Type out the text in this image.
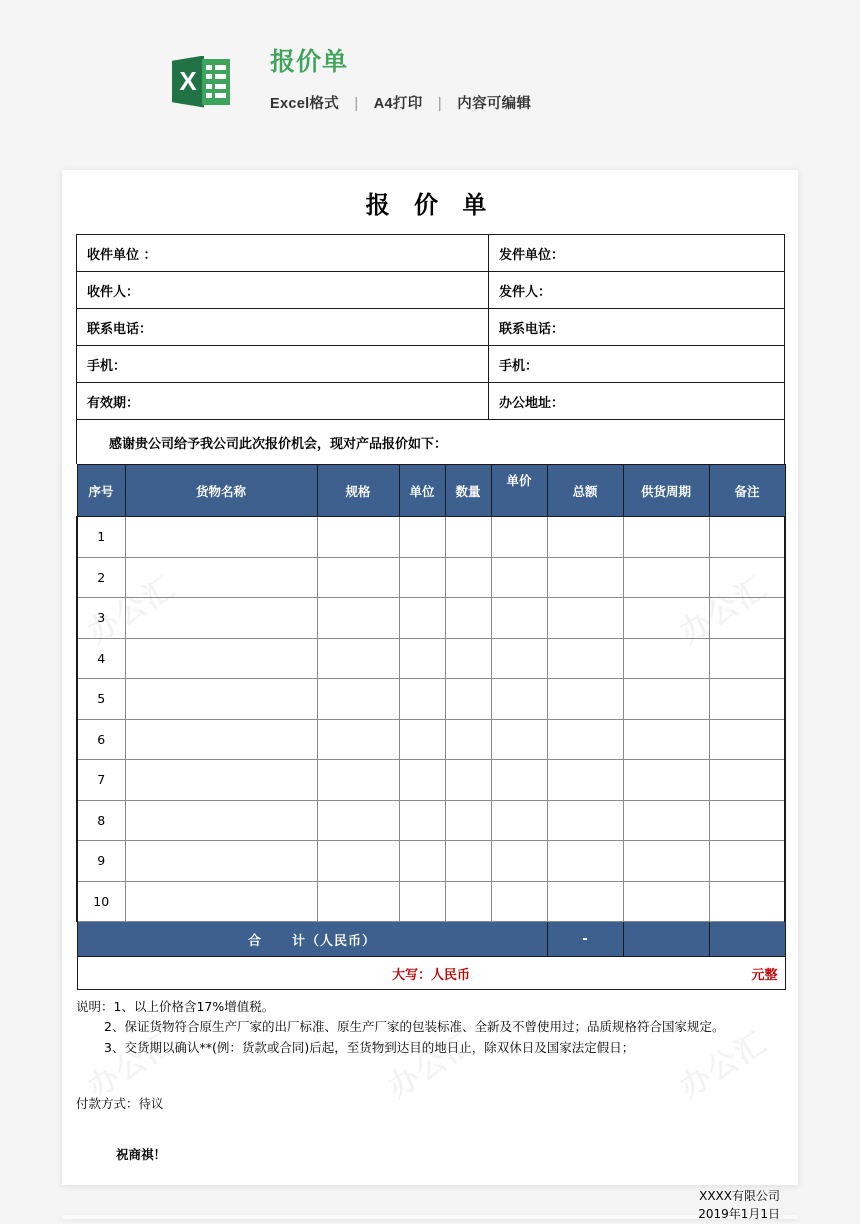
X
报价单
Excel格式 | A4打印 | 内容可编辑
报 价 单
收件单位 ：	发件单位：
收件人：	发件人：
联系电话：	联系电话：
手机：	手机：
有效期：	办公地址：
感谢贵公司给予我公司此次报价机会，现对产品报价如下：	
序号	货物名称	规格	单位	数量	单价	总额	供货周期	备注
1								
2								
3								
4								
5								
6								
7								
8								
9								
10								
合 计（人民币）						-		

大写：人民币 元整								
说明：1、以上价格含17%增值税。
2、保证货物符合原生产厂家的出厂标准、原生产厂家的包装标准、全新及不曾使用过；品质规格符合国家规定。
3、交货期以确认**(例：货款或合同)后起，至货物到达目的地日止，除双休日及国家法定假日；
付款方式：待议
祝商祺！
XXXX有限公司
2019年1月1日
